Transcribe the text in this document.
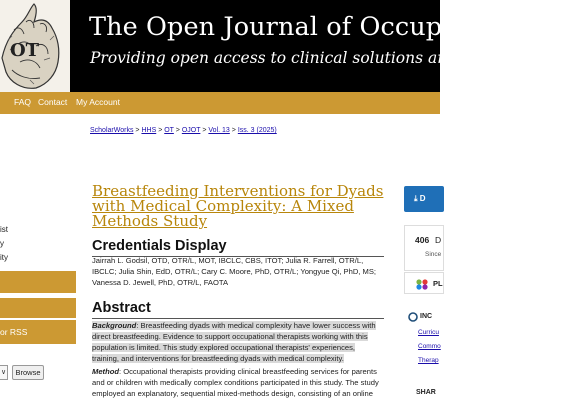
OT
The Open Journal of Occupational Th
Providing open access to clinical solutions and educational i
FAQ Contact My Account
ist
y
ity
or RSS
∨	Browse
ScholarWorks > HHS > OT > OJOT > Vol. 13 > Iss. 3 (2025)
Breastfeeding Interventions for Dyads with Medical Complexity: A Mixed Methods Study
Credentials Display
Jairrah L. Godsil, OTD, OTR/L, MOT, IBCLC, CBS, ITOT; Julia R. Farrell, OTR/L, IBCLC; Julia Shin, EdD, OTR/L; Cary C. Moore, PhD, OTR/L; Yongyue Qi, PhD, MS; Vanessa D. Jewell, PhD, OTR/L, FAOTA
Abstract
Background: Breastfeeding dyads with medical complexity have lower success with direct breastfeeding. Evidence to support occupational therapists working with this population is limited. This study explored occupational therapists' experiences, training, and interventions for breastfeeding dyads with medical complexity.
Method: Occupational therapists providing clinical breastfeeding services for parents and or children with medically complex conditions participated in this study. The study employed an explanatory, sequential mixed-methods design, consisting of an online
⤓ D
406 D
Since
PL
INC
Curricu
Commo
Therap
SHAR
